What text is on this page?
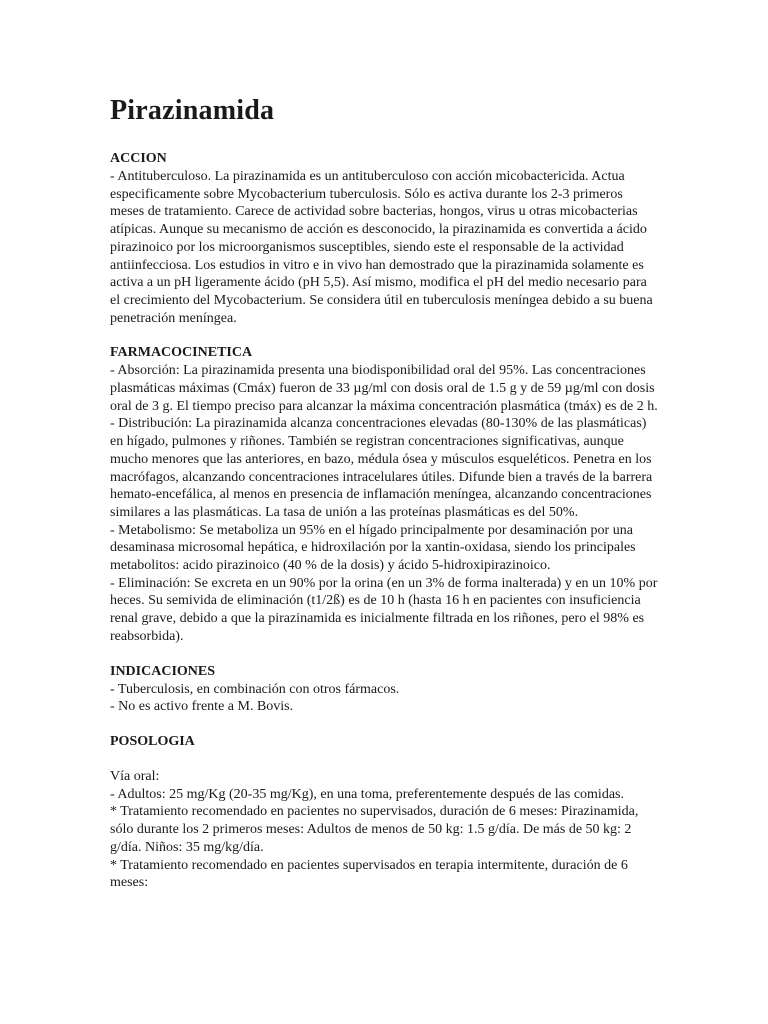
Pirazinamida

ACCION

- Antituberculoso. La pirazinamida es un antituberculoso con acción micobactericida. Actua especificamente sobre Mycobacterium tuberculosis. Sólo es activa durante los 2-3 primeros meses de tratamiento. Carece de actividad sobre bacterias, hongos, virus u otras micobacterias atípicas. Aunque su mecanismo de acción es desconocido, la pirazinamida es convertida a ácido pirazinoico por los microorganismos susceptibles, siendo este el responsable de la actividad antiinfecciosa. Los estudios in vitro e in vivo han demostrado que la pirazinamida solamente es activa a un pH ligeramente ácido (pH 5,5). Así mismo, modifica el pH del medio necesario para el crecimiento del Mycobacterium. Se considera útil en tuberculosis meníngea debido a su buena penetración meníngea.

FARMACOCINETICA

- Absorción: La pirazinamida presenta una biodisponibilidad oral del 95%. Las concentraciones plasmáticas máximas (Cmáx) fueron de 33 µg/ml con dosis oral de 1.5 g y de 59 µg/ml con dosis oral de 3 g. El tiempo preciso para alcanzar la máxima concentración plasmática (tmáx) es de 2 h.

- Distribución: La pirazinamida alcanza concentraciones elevadas (80-130% de las plasmáticas) en hígado, pulmones y riñones. También se registran concentraciones significativas, aunque mucho menores que las anteriores, en bazo, médula ósea y músculos esqueléticos. Penetra en los macrófagos, alcanzando concentraciones intracelulares útiles. Difunde bien a través de la barrera hemato-encefálica, al menos en presencia de inflamación meníngea, alcanzando concentraciones similares a las plasmáticas. La tasa de unión a las proteínas plasmáticas es del 50%.

- Metabolismo: Se metaboliza un 95% en el hígado principalmente por desaminación por una desaminasa microsomal hepática, e hidroxilación por la xantin-oxidasa, siendo los principales metabolitos: acido pirazinoico (40 % de la dosis) y ácido 5-hidroxipirazinoico.

- Eliminación: Se excreta en un 90% por la orina (en un 3% de forma inalterada) y en un 10% por heces. Su semivida de eliminación (t1/2ß) es de 10 h (hasta 16 h en pacientes con insuficiencia renal grave, debido a que la pirazinamida es inicialmente filtrada en los riñones, pero el 98% es reabsorbida).

INDICACIONES

- Tuberculosis, en combinación con otros fármacos.

- No es activo frente a M. Bovis.

POSOLOGIA

Vía oral:

- Adultos: 25 mg/Kg (20-35 mg/Kg), en una toma, preferentemente después de las comidas.

* Tratamiento recomendado en pacientes no supervisados, duración de 6 meses: Pirazinamida, sólo durante los 2 primeros meses: Adultos de menos de 50 kg: 1.5 g/día. De más de 50 kg: 2 g/día. Niños: 35 mg/kg/día.

* Tratamiento recomendado en pacientes supervisados en terapia intermitente, duración de 6 meses:
